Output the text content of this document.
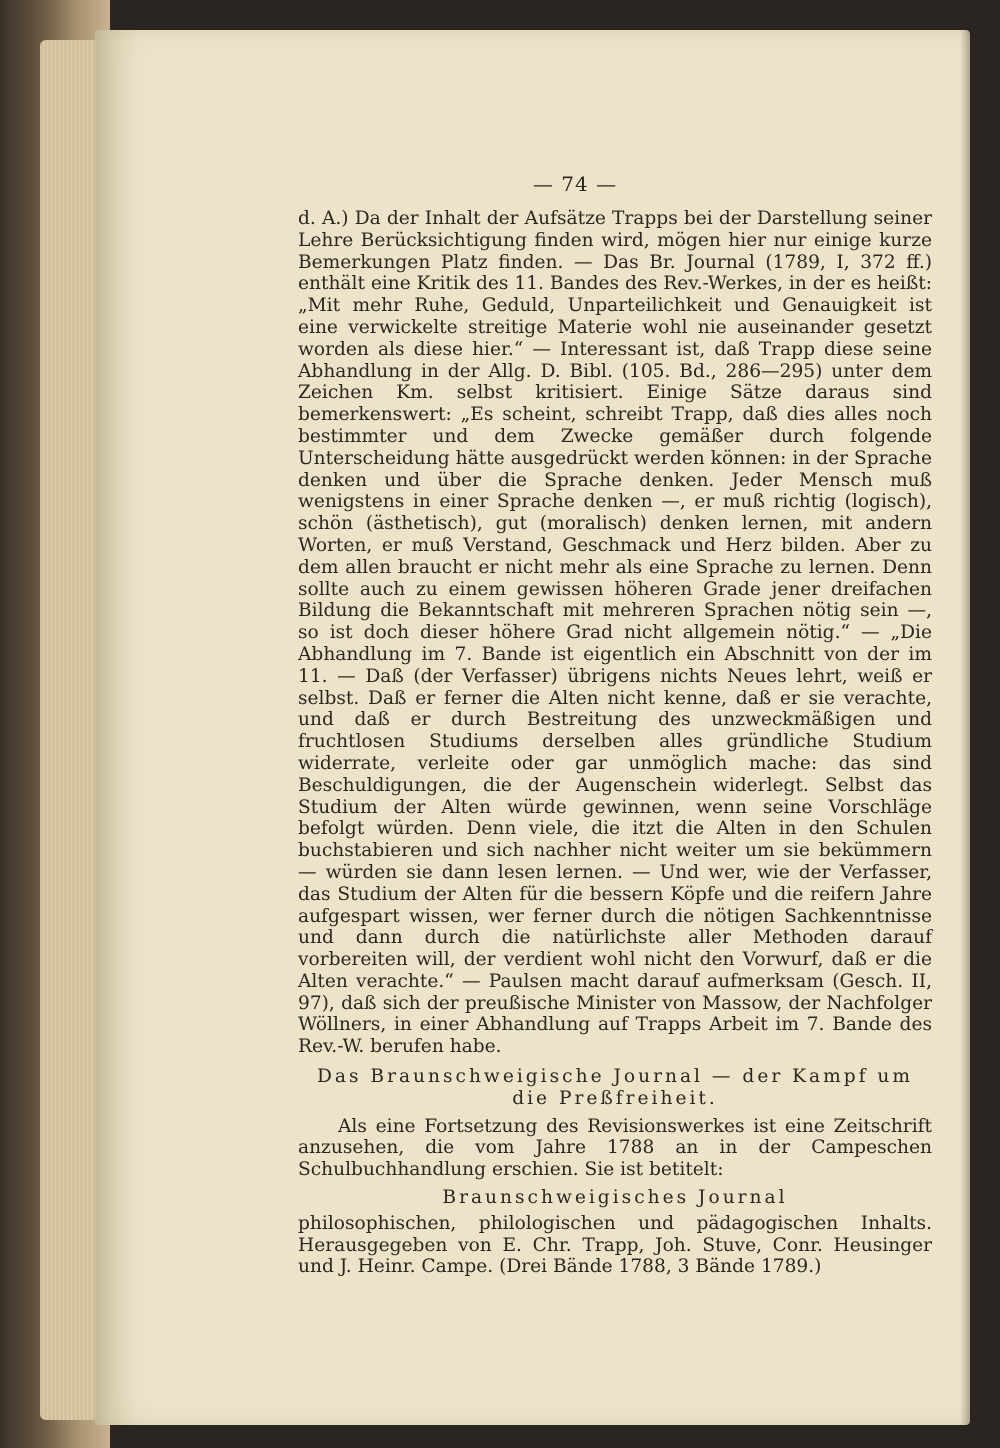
— 74 —

d. A.) Da der Inhalt der Aufsätze Trapps bei der Darstellung seiner Lehre Berücksichtigung finden wird, mögen hier nur einige kurze Bemerkungen Platz finden. — Das Br. Journal (1789, I, 372 ff.) enthält eine Kritik des 11. Bandes des Rev.-Werkes, in der es heißt: „Mit mehr Ruhe, Geduld, Unparteilichkeit und Genauigkeit ist eine verwickelte streitige Materie wohl nie auseinander gesetzt worden als diese hier.“ — Interessant ist, daß Trapp diese seine Abhandlung in der Allg. D. Bibl. (105. Bd., 286—295) unter dem Zeichen Km. selbst kritisiert. Einige Sätze daraus sind bemerkenswert: „Es scheint, schreibt Trapp, daß dies alles noch bestimmter und dem Zwecke gemäßer durch folgende Unterscheidung hätte ausgedrückt werden können: in der Sprache denken und über die Sprache denken. Jeder Mensch muß wenigstens in einer Sprache denken —, er muß richtig (logisch), schön (ästhetisch), gut (moralisch) denken lernen, mit andern Worten, er muß Verstand, Geschmack und Herz bilden. Aber zu dem allen braucht er nicht mehr als eine Sprache zu lernen. Denn sollte auch zu einem gewissen höheren Grade jener dreifachen Bildung die Bekanntschaft mit mehreren Sprachen nötig sein —, so ist doch dieser höhere Grad nicht allgemein nötig.“ — „Die Abhandlung im 7. Bande ist eigentlich ein Abschnitt von der im 11. — Daß (der Verfasser) übrigens nichts Neues lehrt, weiß er selbst. Daß er ferner die Alten nicht kenne, daß er sie verachte, und daß er durch Bestreitung des unzweckmäßigen und fruchtlosen Studiums derselben alles gründliche Studium widerrate, verleite oder gar unmöglich mache: das sind Beschuldigungen, die der Augenschein widerlegt. Selbst das Studium der Alten würde gewinnen, wenn seine Vorschläge befolgt würden. Denn viele, die itzt die Alten in den Schulen buchstabieren und sich nachher nicht weiter um sie bekümmern — würden sie dann lesen lernen. — Und wer, wie der Verfasser, das Studium der Alten für die bessern Köpfe und die reifern Jahre aufgespart wissen, wer ferner durch die nötigen Sachkenntnisse und dann durch die natürlichste aller Methoden darauf vorbereiten will, der verdient wohl nicht den Vorwurf, daß er die Alten verachte.“ — Paulsen macht darauf aufmerksam (Gesch. II, 97), daß sich der preußische Minister von Massow, der Nachfolger Wöllners, in einer Abhandlung auf Trapps Arbeit im 7. Bande des Rev.-W. berufen habe.

Das Braunschweigische Journal — der Kampf um die Preßfreiheit.

Als eine Fortsetzung des Revisionswerkes ist eine Zeitschrift anzusehen, die vom Jahre 1788 an in der Campeschen Schulbuchhandlung erschien. Sie ist betitelt:

Braunschweigisches Journal

philosophischen, philologischen und pädagogischen Inhalts. Herausgegeben von E. Chr. Trapp, Joh. Stuve, Conr. Heusinger und J. Heinr. Campe. (Drei Bände 1788, 3 Bände 1789.)
